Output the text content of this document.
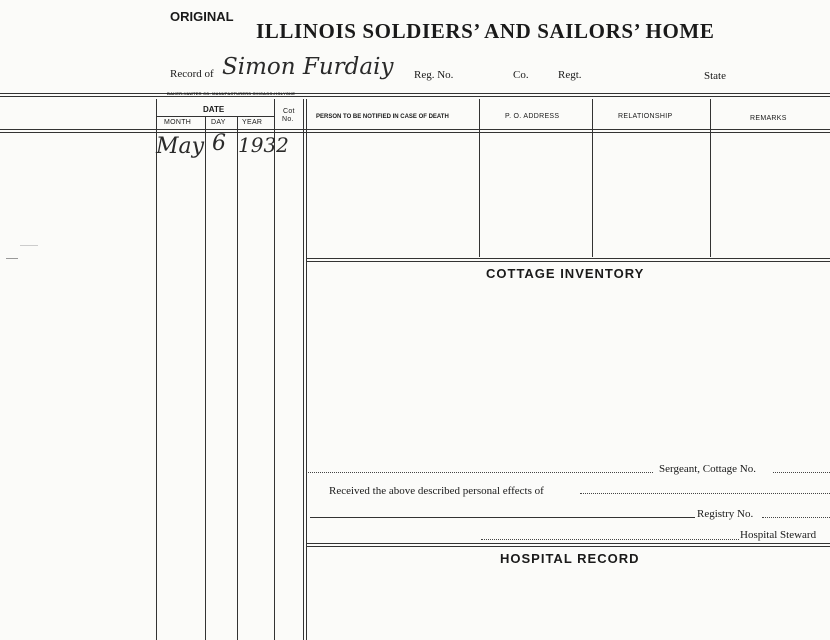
ORIGINAL
ILLINOIS SOLDIERS’ AND SAILORS’ HOME
Record of Simon Furdaiy Reg. No.	Co.	Regt.	State
BAKER-VAWTER CO. MANUFACTURERS CHICAGO-HOLYOKE
DATE
MONTH	DAY YEAR
Cot
No.	PERSON TO BE NOTIFIED IN CASE OF DEATH	P. O. ADDRESS	RELATIONSHIP	REMARKS
May 6 1932
COTTAGE INVENTORY
Sergeant, Cottage No.
Received the above described personal effects of
Registry No.
Hospital Steward
HOSPITAL RECORD
